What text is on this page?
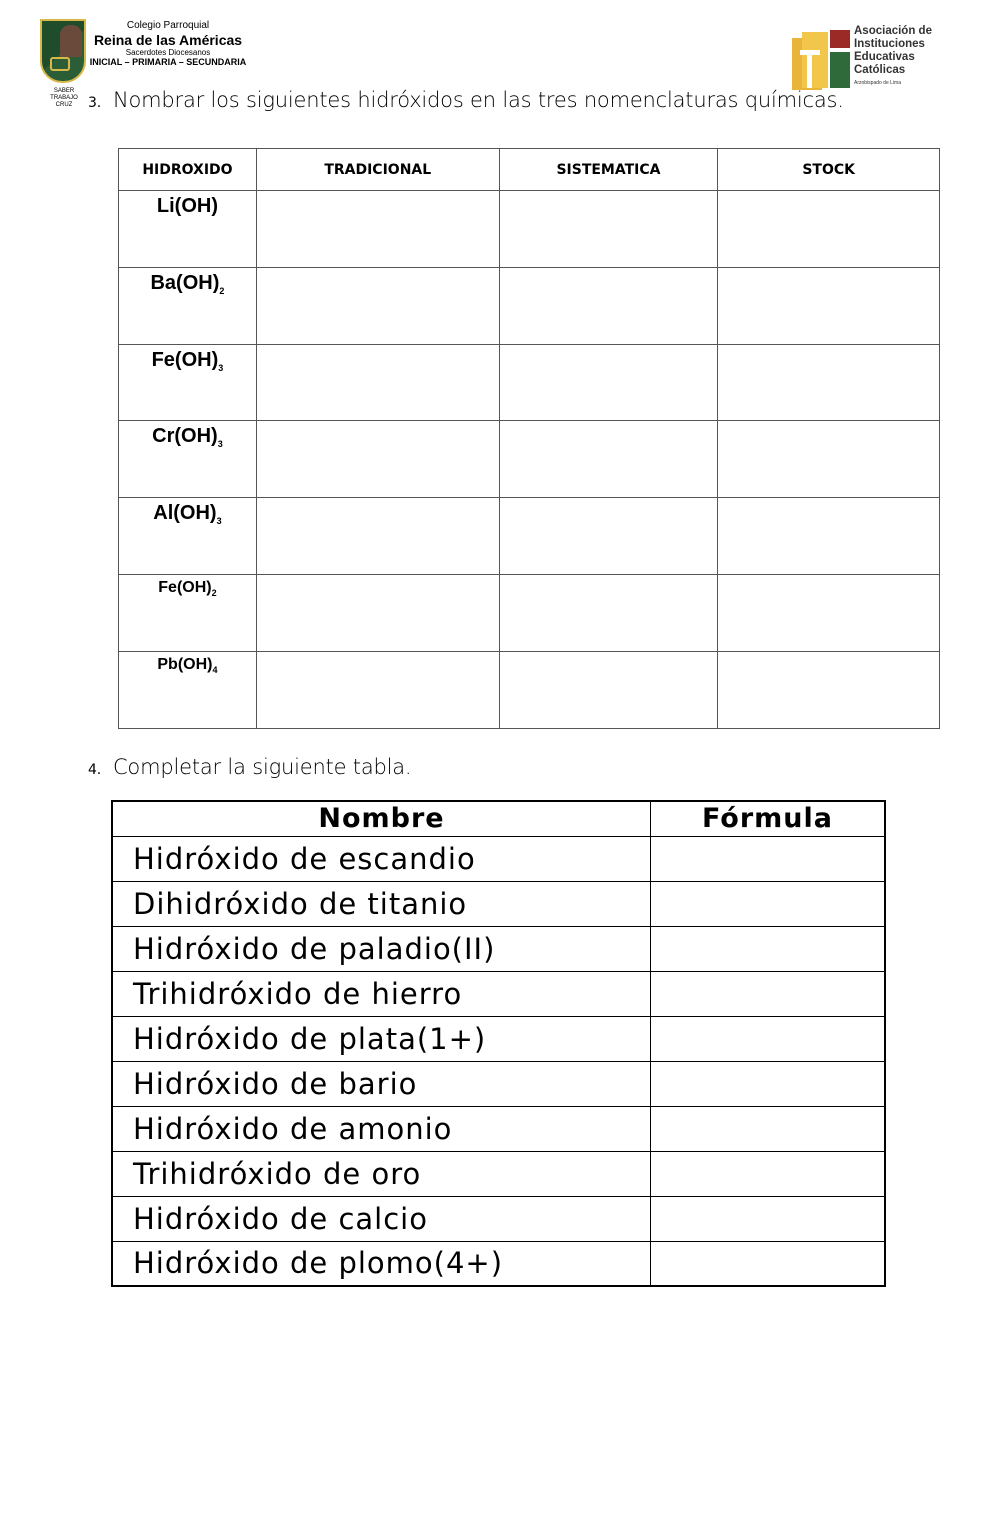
Colegio Parroquial
Reina de las Américas
Sacerdotes Diocesanos
INICIAL – PRIMARIA – SECUNDARIA
SABER
TRABAJO
CRUZ
Asociación de
Instituciones
Educativas
Católicas
Arzobispado de Lima
3. Nombrar los siguientes hidróxidos en las tres nomenclaturas químicas.
HIDROXIDO	TRADICIONAL	SISTEMATICA	STOCK
Li(OH)			
$Ba(OH)_2$			
$Fe(OH)_3$			
$Cr(OH)_3$			
$Al(OH)_3$			
$Fe(OH)_2$			
$Pb(OH)_4$			
4. Completar la siguiente tabla.
Nombre	Fórmula
Hidróxido de escandio	
Dihidróxido de titanio	
Hidróxido de paladio(II)	
Trihidróxido de hierro	
Hidróxido de plata(1+)	
Hidróxido de bario	
Hidróxido de amonio	
Trihidróxido de oro	
Hidróxido de calcio	
Hidróxido de plomo(4+)	
